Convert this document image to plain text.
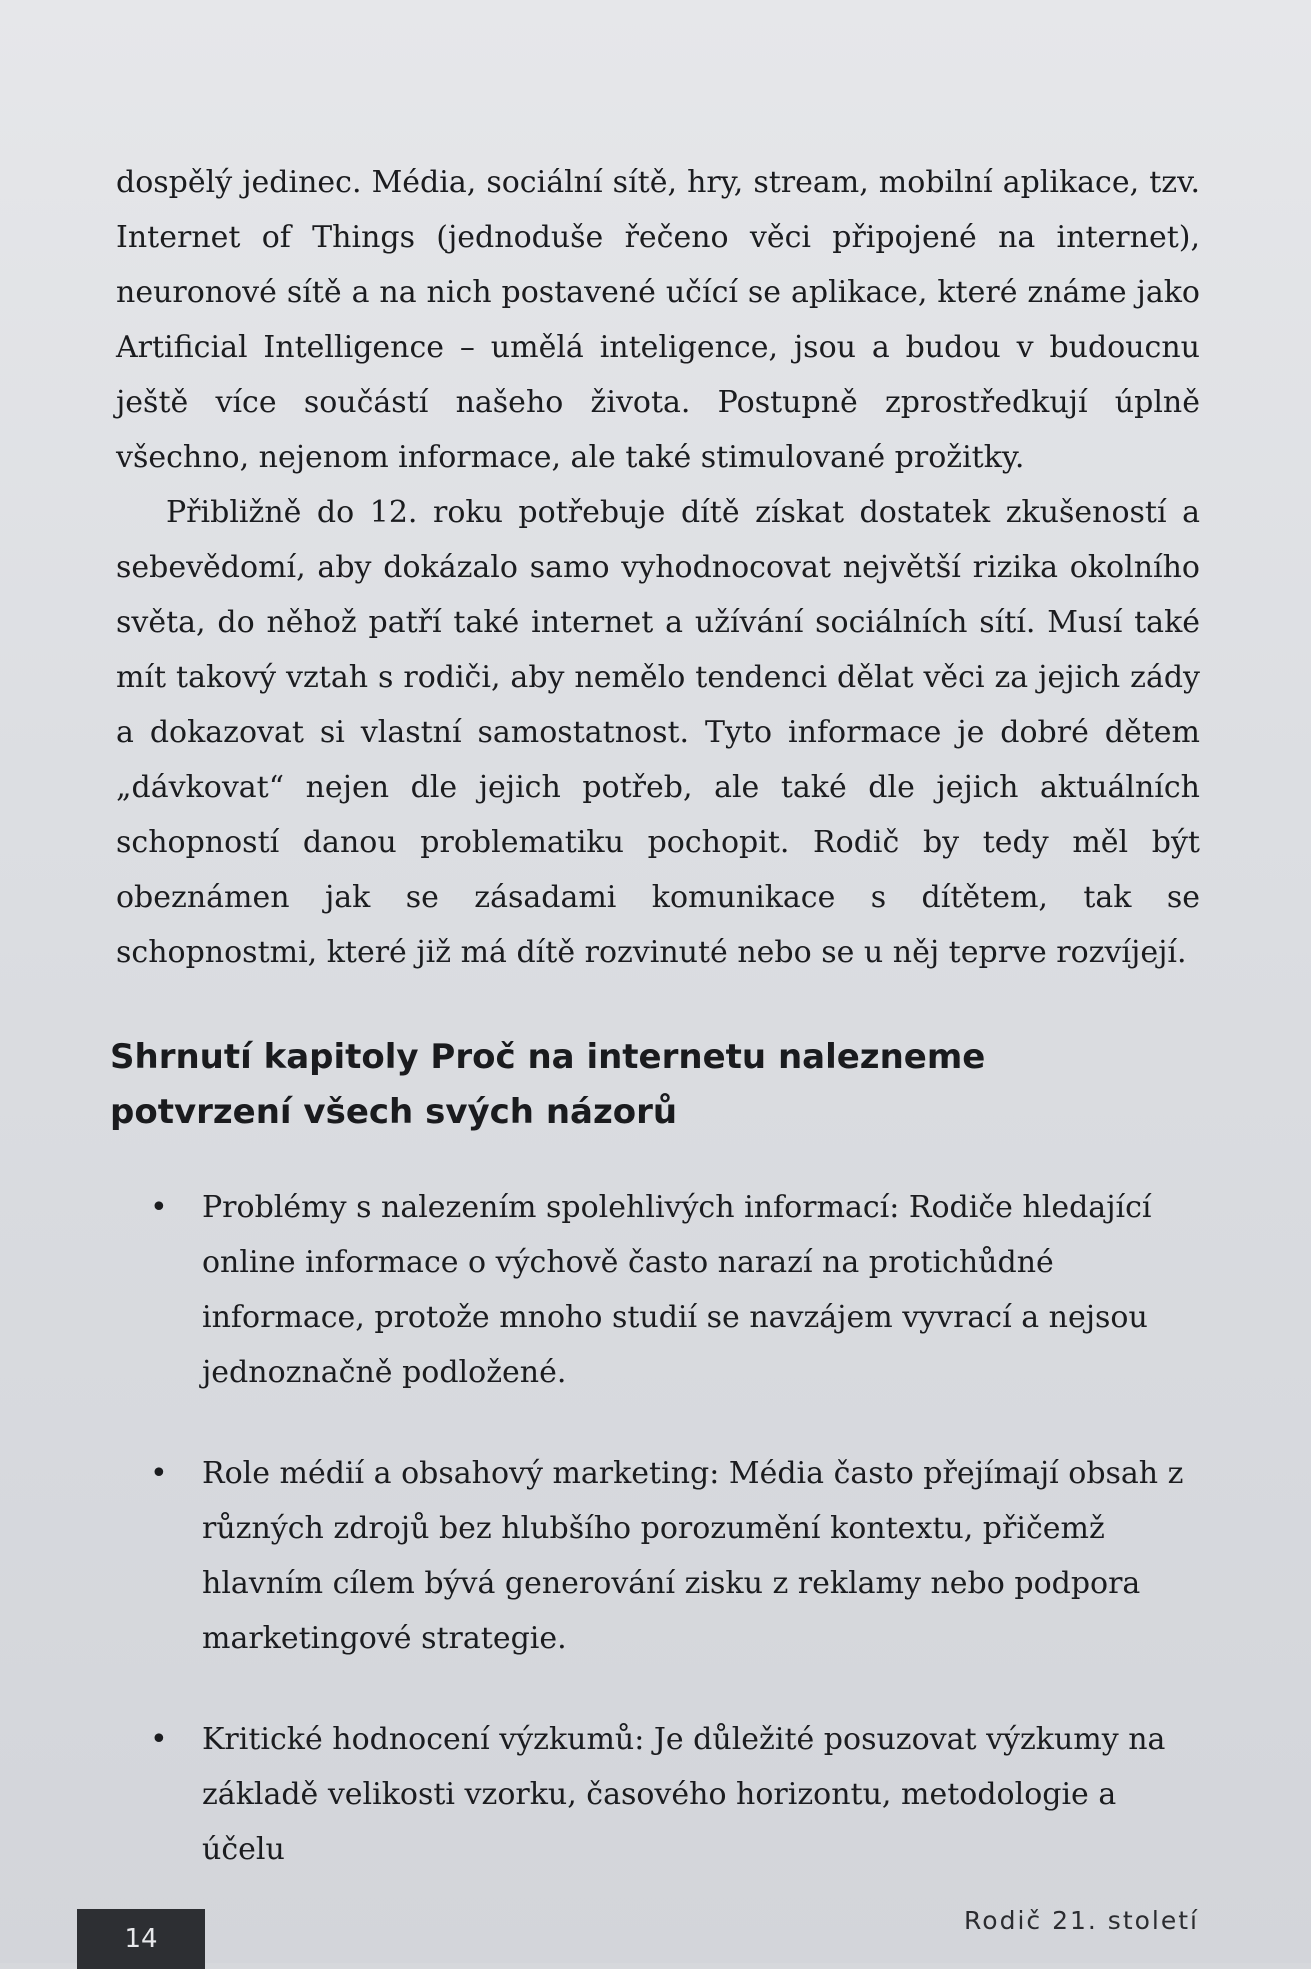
dospělý jedinec. Média, sociální sítě, hry, stream, mobilní aplikace, tzv. Internet of Things (jednoduše řečeno věci připojené na internet), neuronové sítě a na nich postavené učící se aplikace, které známe jako Artificial Intelligence – umělá inteligence, jsou a budou v budoucnu ještě více součástí našeho života. Postupně zprostředkují úplně všechno, nejenom informace, ale také stimulované prožitky.

Přibližně do 12. roku potřebuje dítě získat dostatek zkušeností a sebevědomí, aby dokázalo samo vyhodnocovat největší rizika okolního světa, do něhož patří také internet a užívání sociálních sítí. Musí také mít takový vztah s rodiči, aby nemělo tendenci dělat věci za jejich zády a dokazovat si vlastní samostatnost. Tyto informace je dobré dětem „dávkovat“ nejen dle jejich potřeb, ale také dle jejich aktuálních schopností danou problematiku pochopit. Rodič by tedy měl být obeznámen jak se zásadami komunikace s dítětem, tak se schopnostmi, které již má dítě rozvinuté nebo se u něj teprve rozvíjejí.

Shrnutí kapitoly Proč na internetu nalezneme potvrzení všech svých názorů
• Problémy s nalezením spolehlivých informací: Rodiče hledající online informace o výchově často narazí na protichůdné informace, protože mnoho studií se navzájem vyvrací a nejsou jednoznačně podložené.
• Role médií a obsahový marketing: Média často přejímají obsah z různých zdrojů bez hlubšího porozumění kontextu, přičemž hlavním cílem bývá generování zisku z reklamy nebo podpora marketingové strategie.
• Kritické hodnocení výzkumů: Je důležité posuzovat výzkumy na základě velikosti vzorku, časového horizontu, metodologie a účelu
14
Rodič 21. století
